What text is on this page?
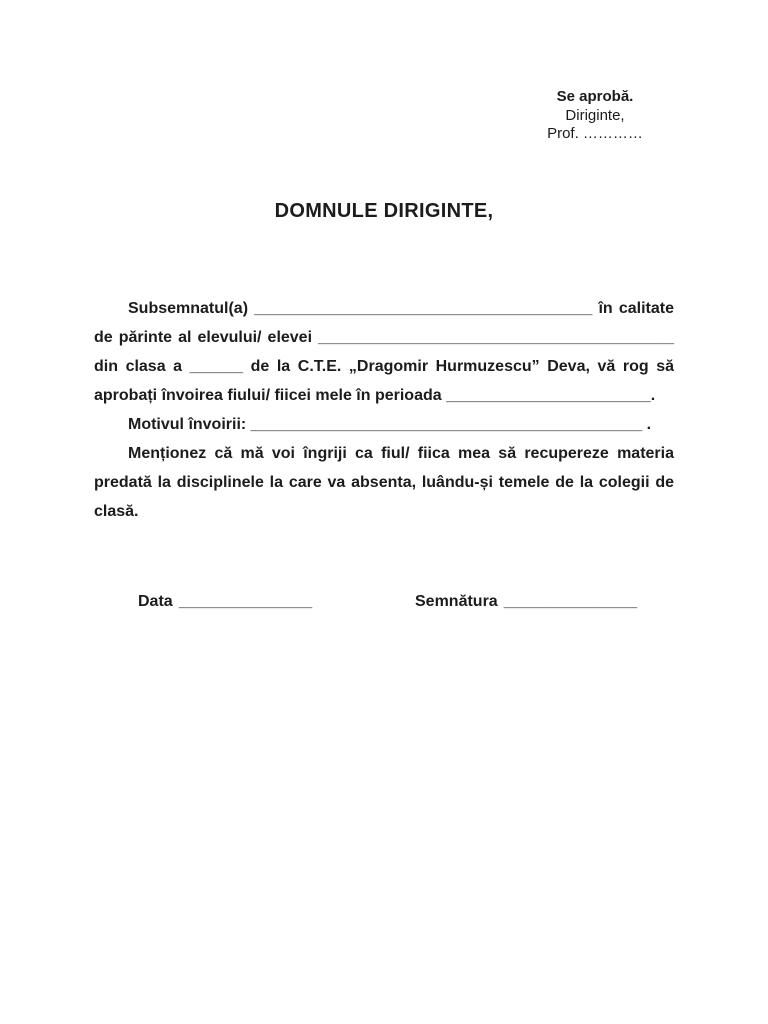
Se aprobă.
Diriginte,
Prof. …………
DOMNULE DIRIGINTE,

Subsemnatul(a) ______________________________________ în calitate de părinte al elevului/ elevei ________________________________________ din clasa a ______ de la C.T.E. „Dragomir Hurmuzescu” Deva, vă rog să aprobați învoirea fiului/ fiicei mele în perioada _______________________.

Motivul învoirii: ____________________________________________ .

Menționez că mă voi îngriji ca fiul/ fiica mea să recupereze materia predată la disciplinele la care va absenta, luându-și temele de la colegii de clasă.

Data _______________	Semnătura _______________
